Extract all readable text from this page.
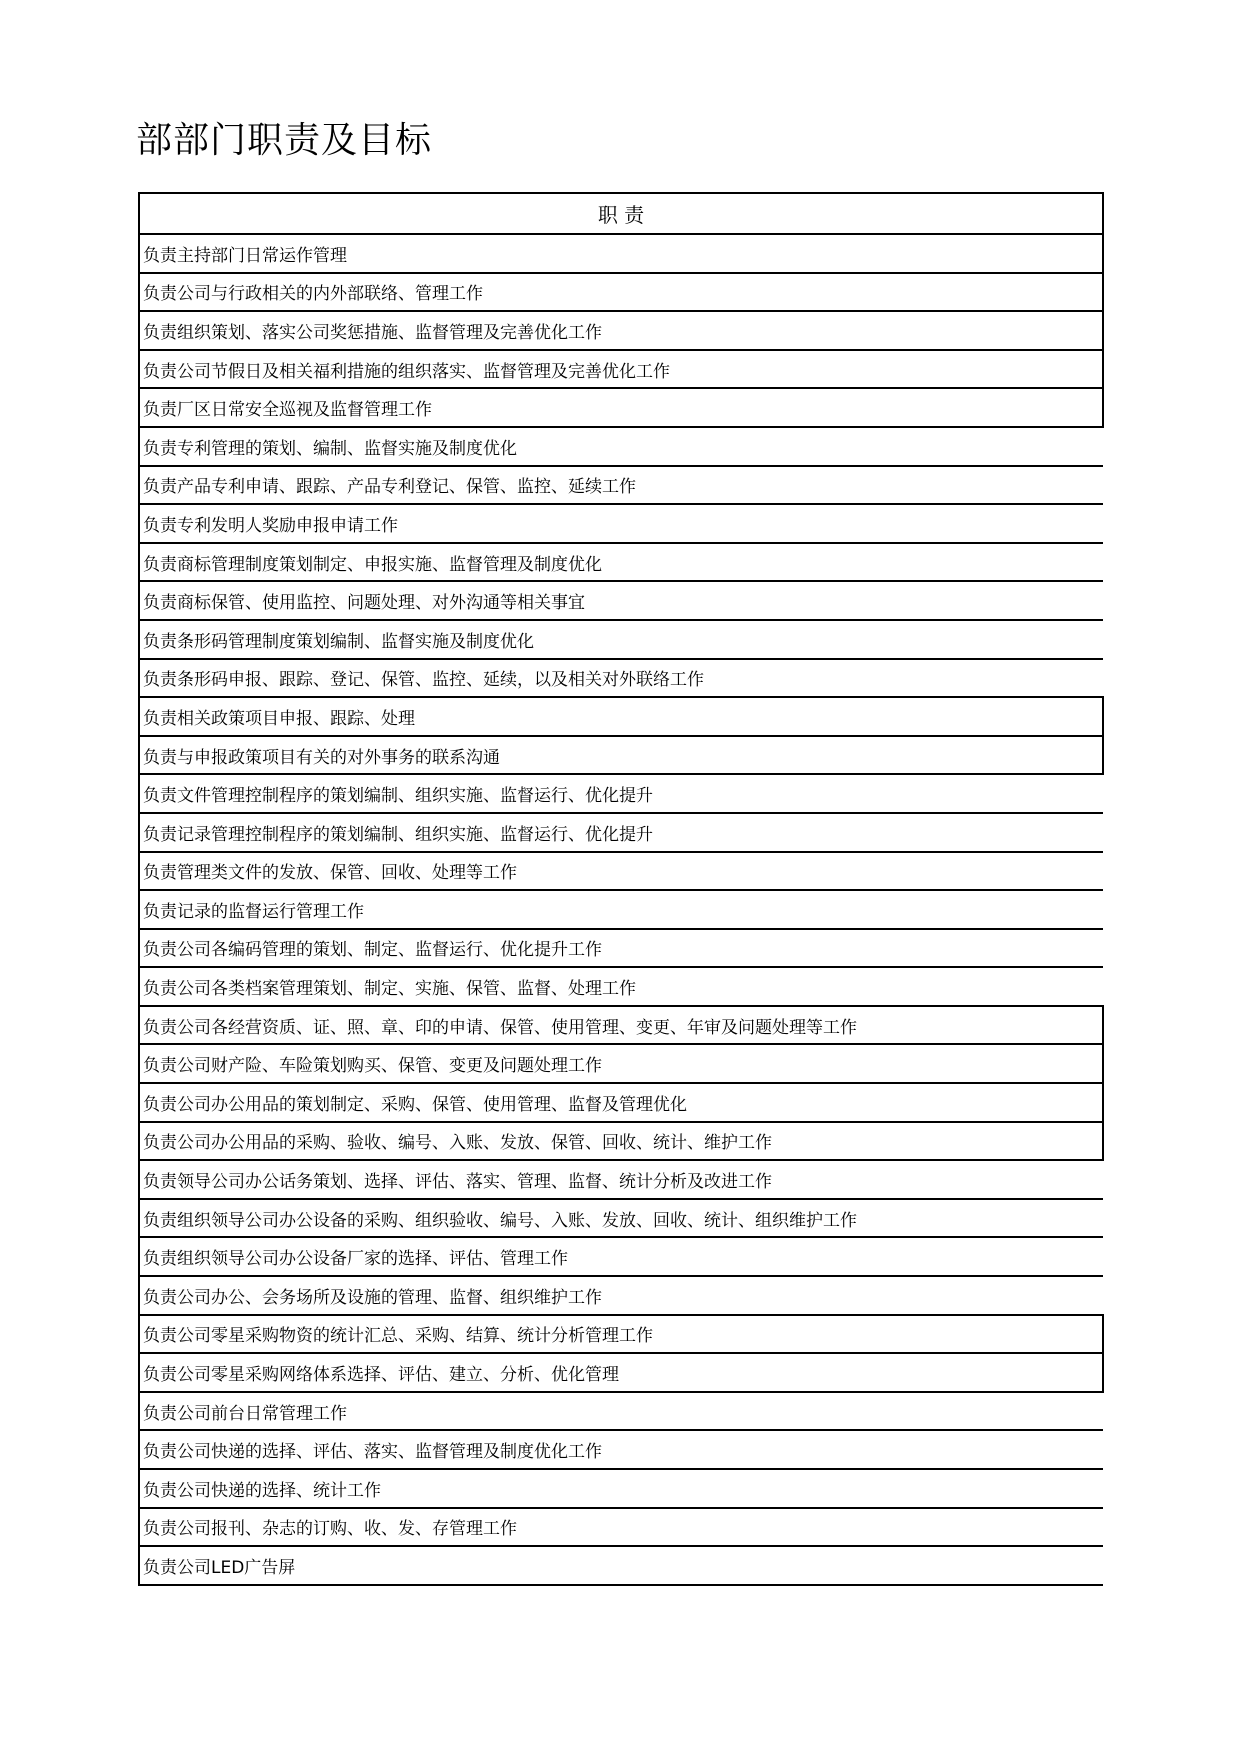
部部门职责及目标
职 责
负责主持部门日常运作管理
负责公司与行政相关的内外部联络、管理工作
负责组织策划、落实公司奖惩措施、监督管理及完善优化工作
负责公司节假日及相关福利措施的组织落实、监督管理及完善优化工作
负责厂区日常安全巡视及监督管理工作
负责专利管理的策划、编制、监督实施及制度优化
负责产品专利申请、跟踪、产品专利登记、保管、监控、延续工作
负责专利发明人奖励申报申请工作
负责商标管理制度策划制定、申报实施、监督管理及制度优化
负责商标保管、使用监控、问题处理、对外沟通等相关事宜
负责条形码管理制度策划编制、监督实施及制度优化
负责条形码申报、跟踪、登记、保管、监控、延续，以及相关对外联络工作
负责相关政策项目申报、跟踪、处理
负责与申报政策项目有关的对外事务的联系沟通
负责文件管理控制程序的策划编制、组织实施、监督运行、优化提升
负责记录管理控制程序的策划编制、组织实施、监督运行、优化提升
负责管理类文件的发放、保管、回收、处理等工作
负责记录的监督运行管理工作
负责公司各编码管理的策划、制定、监督运行、优化提升工作
负责公司各类档案管理策划、制定、实施、保管、监督、处理工作
负责公司各经营资质、证、照、章、印的申请、保管、使用管理、变更、年审及问题处理等工作
负责公司财产险、车险策划购买、保管、变更及问题处理工作
负责公司办公用品的策划制定、采购、保管、使用管理、监督及管理优化
负责公司办公用品的采购、验收、编号、入账、发放、保管、回收、统计、维护工作
负责领导公司办公话务策划、选择、评估、落实、管理、监督、统计分析及改进工作
负责组织领导公司办公设备的采购、组织验收、编号、入账、发放、回收、统计、组织维护工作
负责组织领导公司办公设备厂家的选择、评估、管理工作
负责公司办公、会务场所及设施的管理、监督、组织维护工作
负责公司零星采购物资的统计汇总、采购、结算、统计分析管理工作
负责公司零星采购网络体系选择、评估、建立、分析、优化管理
负责公司前台日常管理工作
负责公司快递的选择、评估、落实、监督管理及制度优化工作
负责公司快递的选择、统计工作
负责公司报刊、杂志的订购、收、发、存管理工作
负责公司LED广告屏
